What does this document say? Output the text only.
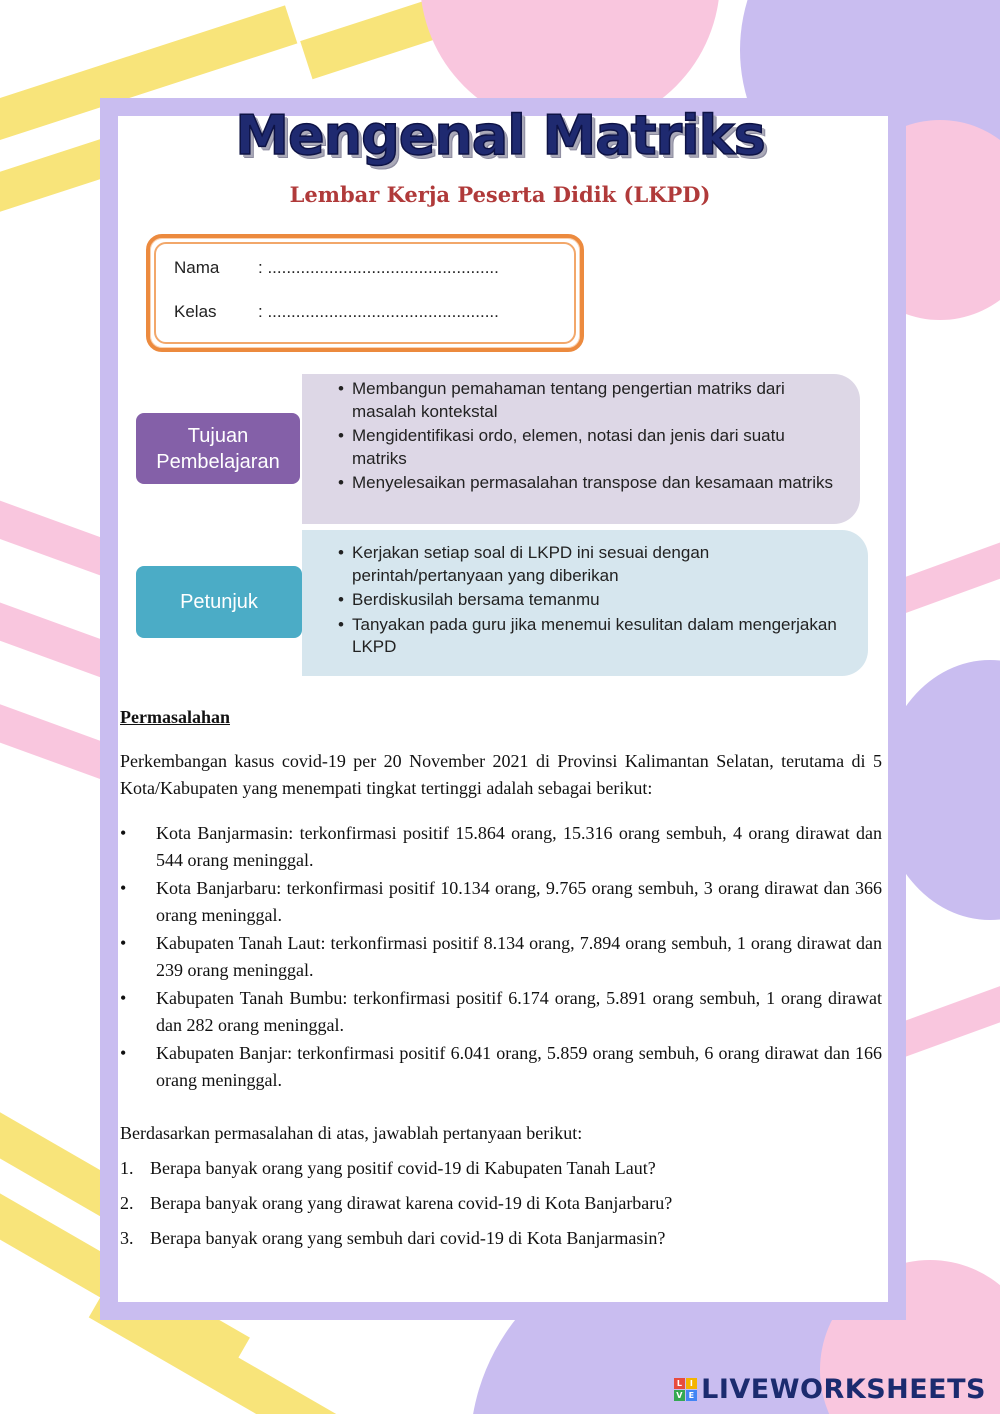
Mengenal Matriks
Lembar Kerja Peserta Didik (LKPD)
Nama : .................................................
Kelas : .................................................
• Membangun pemahaman tentang pengertian matriks dari masalah kontekstal
• Mengidentifikasi ordo, elemen, notasi dan jenis dari suatu matriks
• Menyelesaikan permasalahan transpose dan kesamaan matriks
Tujuan Pembelajaran
• Kerjakan setiap soal di LKPD ini sesuai dengan perintah/pertanyaan yang diberikan
• Berdiskusilah bersama temanmu
• Tanyakan pada guru jika menemui kesulitan dalam mengerjakan LKPD
Petunjuk
Permasalahan
Perkembangan kasus covid-19 per 20 November 2021 di Provinsi Kalimantan Selatan, terutama di 5 Kota/Kabupaten yang menempati tingkat tertinggi adalah sebagai berikut:
• Kota Banjarmasin: terkonfirmasi positif 15.864 orang, 15.316 orang sembuh, 4 orang dirawat dan 544 orang meninggal.
• Kota Banjarbaru: terkonfirmasi positif 10.134 orang, 9.765 orang sembuh, 3 orang dirawat dan 366 orang meninggal.
• Kabupaten Tanah Laut: terkonfirmasi positif 8.134 orang, 7.894 orang sembuh, 1 orang dirawat dan 239 orang meninggal.
• Kabupaten Tanah Bumbu: terkonfirmasi positif 6.174 orang, 5.891 orang sembuh, 1 orang dirawat dan 282 orang meninggal.
• Kabupaten Banjar: terkonfirmasi positif 6.041 orang, 5.859 orang sembuh, 6 orang dirawat dan 166 orang meninggal.
Berdasarkan permasalahan di atas, jawablah pertanyaan berikut:
1. Berapa banyak orang yang positif covid-19 di Kabupaten Tanah Laut?
2. Berapa banyak orang yang dirawat karena covid-19 di Kota Banjarbaru?
3. Berapa banyak orang yang sembuh dari covid-19 di Kota Banjarmasin?
L I
V E LIVEWORKSHEETS
